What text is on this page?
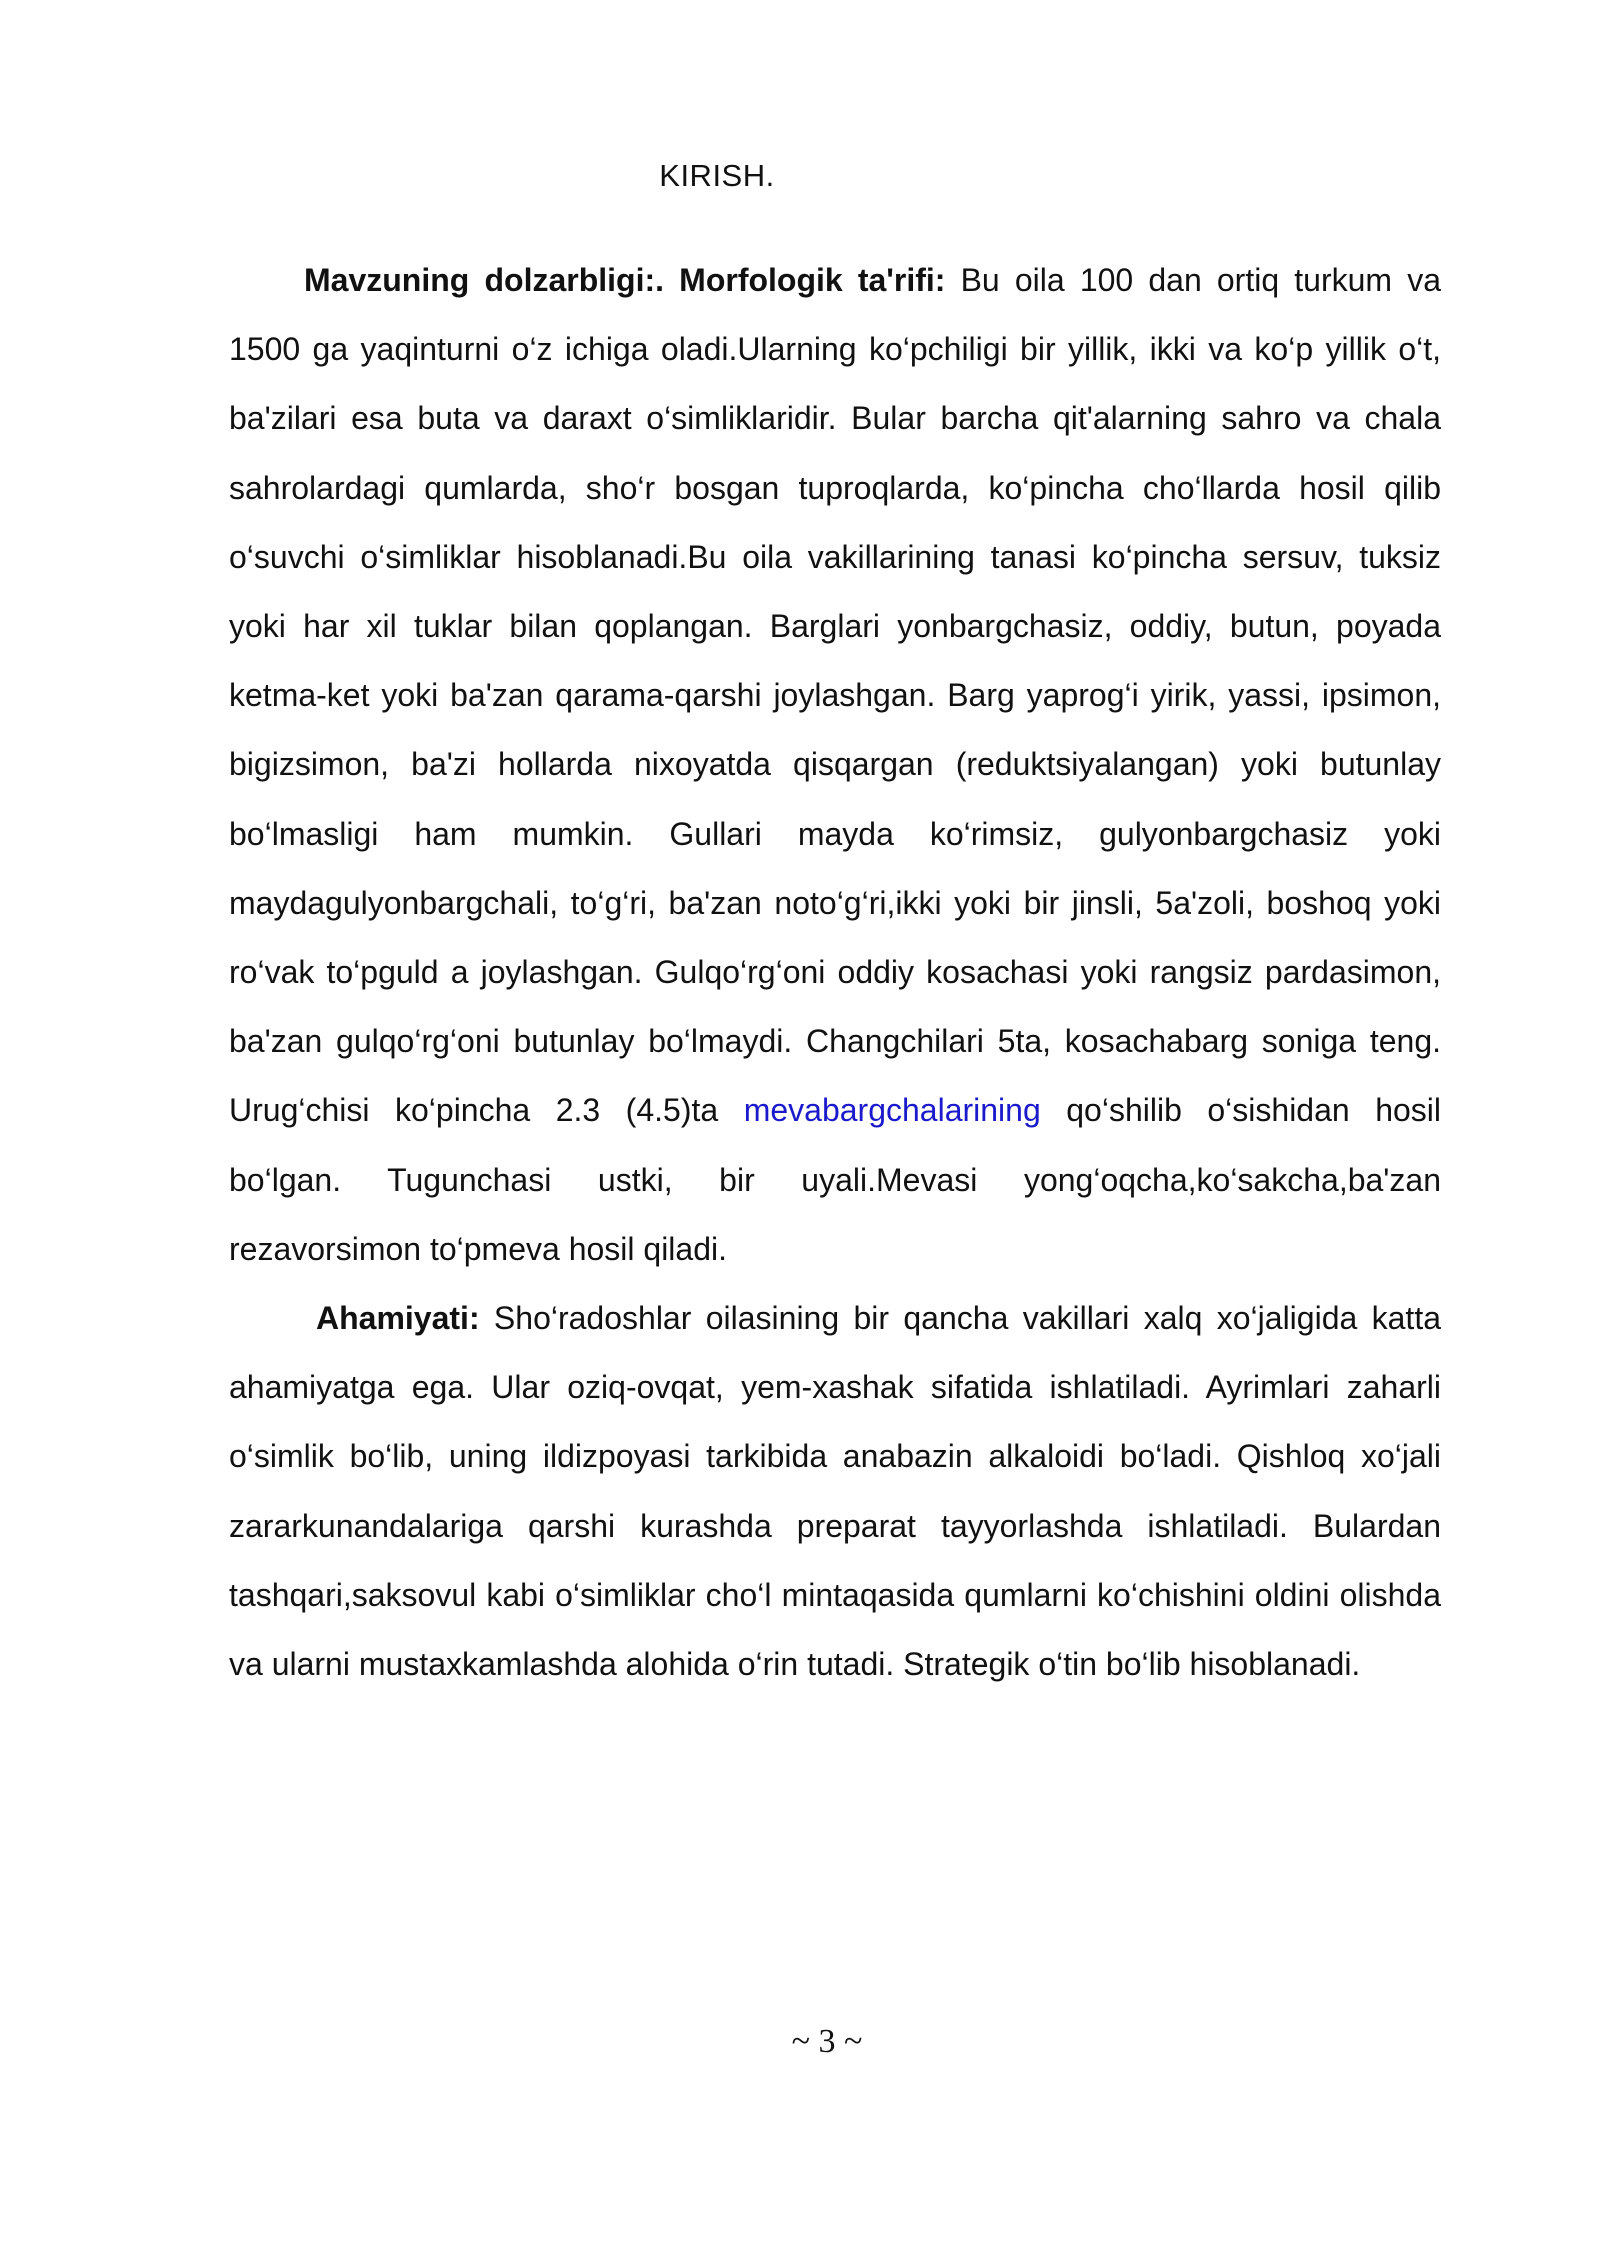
KIRISH.

Mavzuning dolzarbligi:. Morfologik ta'rifi: Bu oila 100 dan ortiq turkum va 1500 ga yaqinturni o‘z ichiga oladi.Ularning ko‘pchiligi bir yillik, ikki va ko‘p yillik o‘t, ba'zilari esa buta va daraxt o‘simliklaridir. Bular barcha qit'alarning sahro va chala sahrolardagi qumlarda, sho‘r bosgan tuproqlarda, ko‘pincha cho‘llarda hosil qilib o‘suvchi o‘simliklar hisoblanadi.Bu oila vakillarining tanasi ko‘pincha sersuv, tuksiz yoki har xil tuklar bilan qoplangan. Barglari yonbargchasiz, oddiy, butun, poyada ketma-ket yoki ba'zan qarama-qarshi joylashgan. Barg yaprog‘i yirik, yassi, ipsimon, bigizsimon, ba'zi hollarda nixoyatda qisqargan (reduktsiyalangan) yoki butunlay bo‘lmasligi ham mumkin. Gullari mayda ko‘rimsiz, gulyonbargchasiz yoki maydagulyonbargchali, to‘g‘ri, ba'zan noto‘g‘ri,ikki yoki bir jinsli, 5a'zoli, boshoq yoki ro‘vak to‘pguld a joylashgan. Gulqo‘rg‘oni oddiy kosachasi yoki rangsiz pardasimon, ba'zan gulqo‘rg‘oni butunlay bo‘lmaydi. Changchilari 5ta, kosachabarg soniga teng. Urug‘chisi ko‘pincha 2.3 (4.5)ta mevabargchalarining qo‘shilib o‘sishidan hosil bo‘lgan. Tugunchasi ustki, bir uyali.Mevasi yong‘oqcha,ko‘sakcha,ba'zan rezavorsimon to‘pmeva hosil qiladi.

Ahamiyati: Sho‘radoshlar oilasining bir qancha vakillari xalq xo‘jaligida katta ahamiyatga ega. Ular oziq-ovqat, yem-xashak sifatida ishlatiladi. Ayrimlari zaharli o‘simlik bo‘lib, uning ildizpoyasi tarkibida anabazin alkaloidi bo‘ladi. Qishloq xo‘jali zararkunandalariga qarshi kurashda preparat tayyorlashda ishlatiladi. Bulardan tashqari,saksovul kabi o‘simliklar cho‘l mintaqasida qumlarni ko‘chishini oldini olishda va ularni mustaxkamlashda alohida o‘rin tutadi. Strategik o‘tin bo‘lib hisoblanadi.

~ 3 ~
